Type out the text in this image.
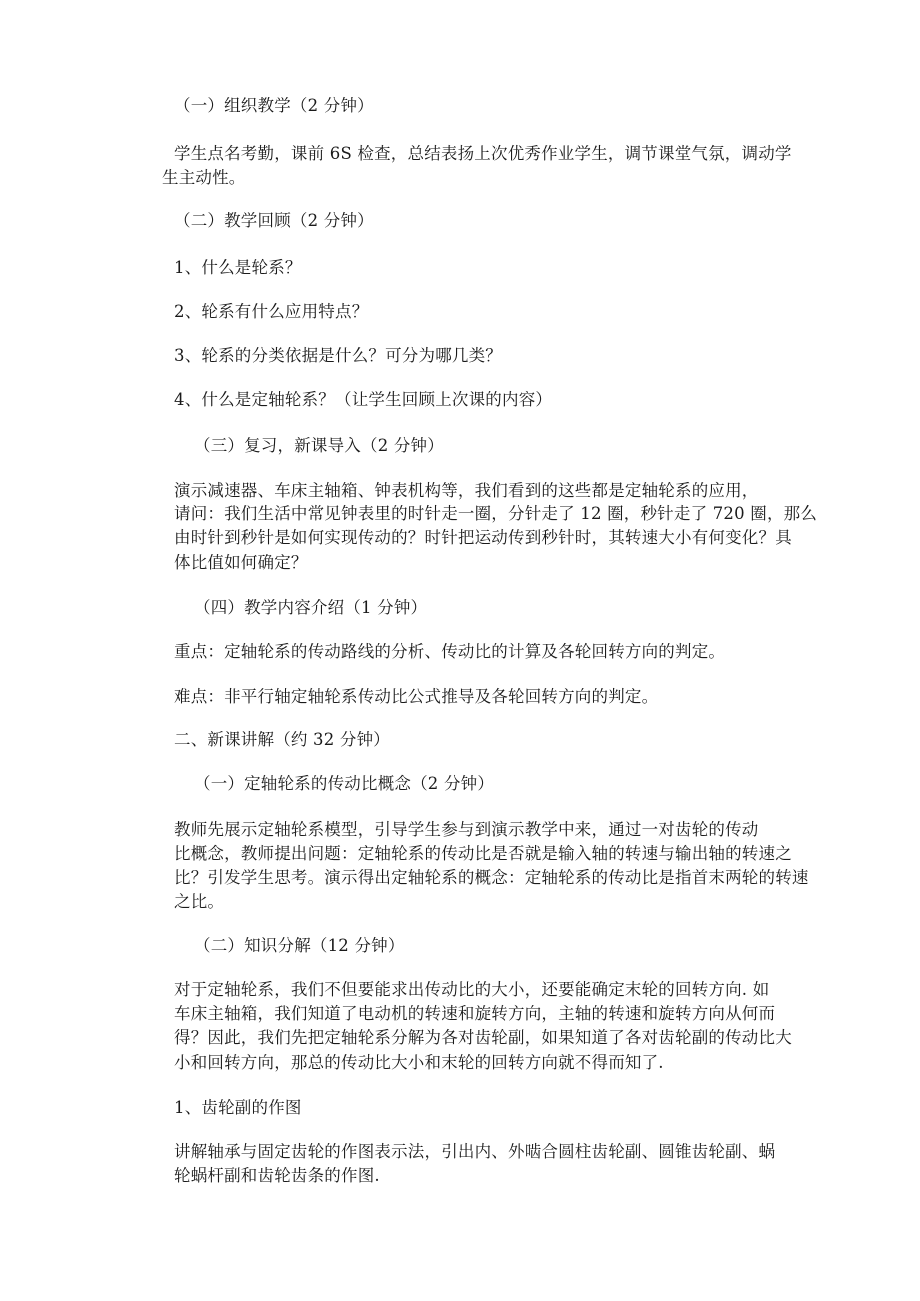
（一）组织教学（2 分钟）
学生点名考勤，课前 6S 检查，总结表扬上次优秀作业学生，调节课堂气氛，调动学
生主动性。
（二）教学回顾（2 分钟）
1、什么是轮系？
2、轮系有什么应用特点？
3、轮系的分类依据是什么？可分为哪几类？
4、什么是定轴轮系？（让学生回顾上次课的内容）
（三）复习，新课导入（2 分钟）
演示减速器、车床主轴箱、钟表机构等，我们看到的这些都是定轴轮系的应用，
请问：我们生活中常见钟表里的时针走一圈，分针走了 12 圈，秒针走了 720 圈，那么
由时针到秒针是如何实现传动的？时针把运动传到秒针时，其转速大小有何变化？具
体比值如何确定？
（四）教学内容介绍（1 分钟）
重点：定轴轮系的传动路线的分析、传动比的计算及各轮回转方向的判定。
难点：非平行轴定轴轮系传动比公式推导及各轮回转方向的判定。
二、新课讲解（约 32 分钟）
（一）定轴轮系的传动比概念（2 分钟）
教师先展示定轴轮系模型，引导学生参与到演示教学中来，通过一对齿轮的传动
比概念，教师提出问题：定轴轮系的传动比是否就是输入轴的转速与输出轴的转速之
比？引发学生思考。演示得出定轴轮系的概念：定轴轮系的传动比是指首末两轮的转速
之比。
（二）知识分解（12 分钟）
对于定轴轮系，我们不但要能求出传动比的大小，还要能确定末轮的回转方向. 如
车床主轴箱，我们知道了电动机的转速和旋转方向，主轴的转速和旋转方向从何而
得？因此，我们先把定轴轮系分解为各对齿轮副，如果知道了各对齿轮副的传动比大
小和回转方向，那总的传动比大小和末轮的回转方向就不得而知了.
1、齿轮副的作图
讲解轴承与固定齿轮的作图表示法，引出内、外啮合圆柱齿轮副、圆锥齿轮副、蜗
轮蜗杆副和齿轮齿条的作图.
